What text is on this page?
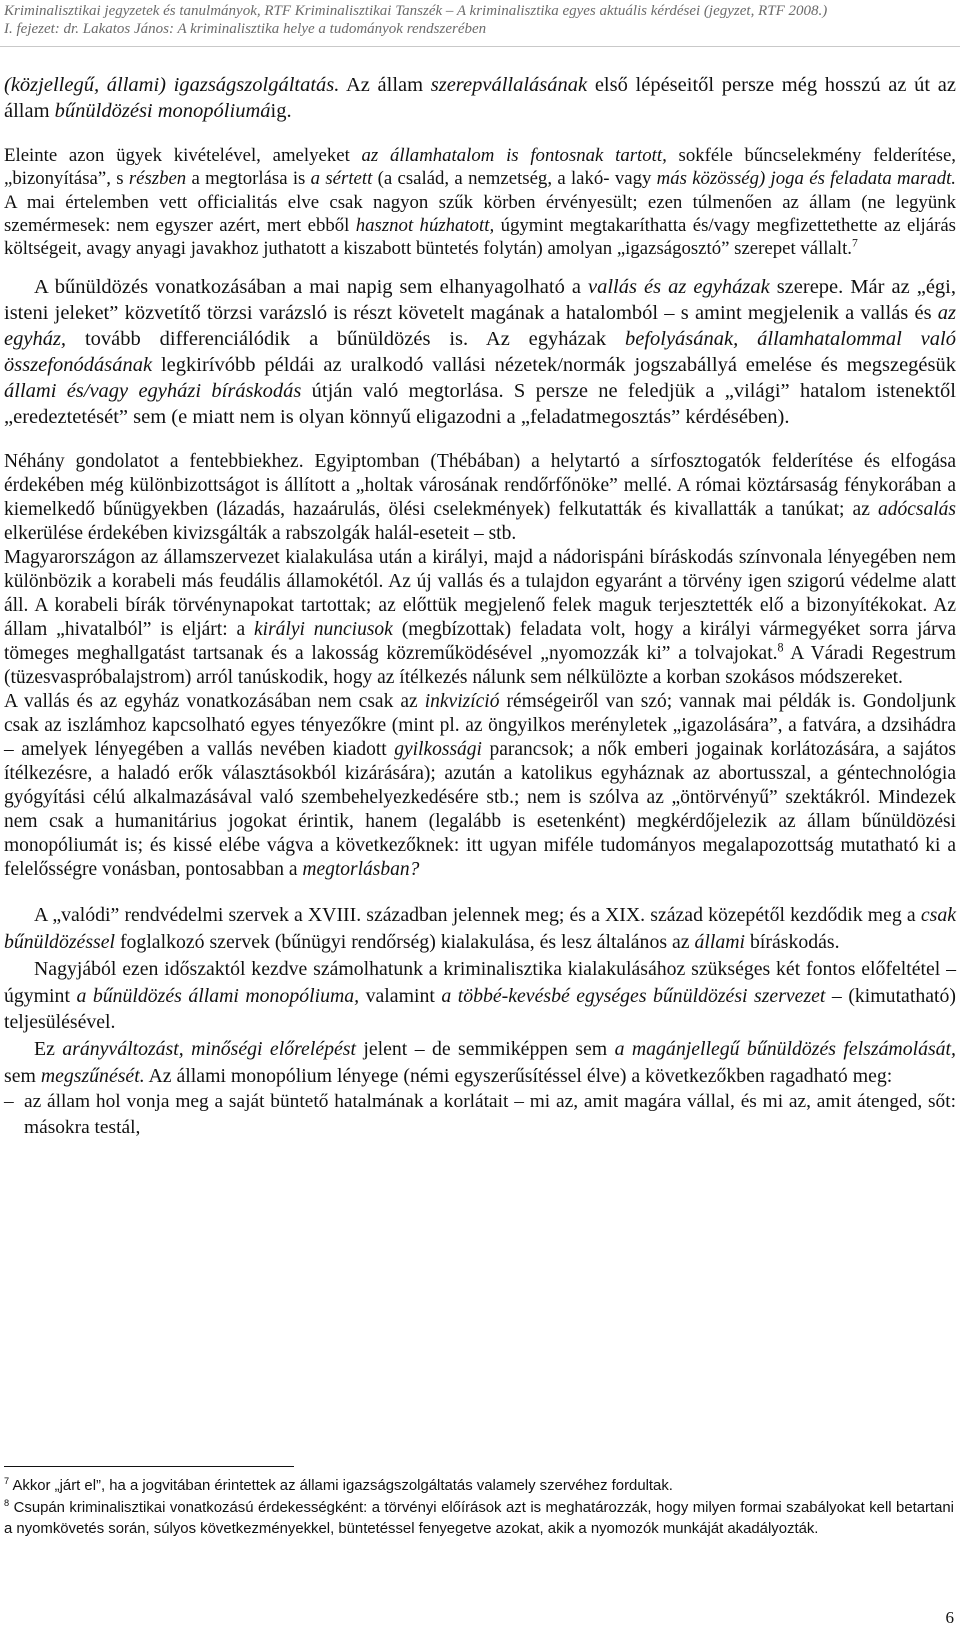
Kriminalisztikai jegyzetek és tanulmányok, RTF Kriminalisztikai Tanszék – A kriminalisztika egyes aktuális kérdései (jegyzet, RTF 2008.)
I. fejezet: dr. Lakatos János: A kriminalisztika helye a tudományok rendszerében

(közjellegű, állami) igazságszolgáltatás. Az állam szerepvállalásának első lépéseitől persze még hosszú az út az állam bűnüldözési monopóliumáig.

Eleinte azon ügyek kivételével, amelyeket az államhatalom is fontosnak tartott, sokféle bűncselekmény felderítése, „bizonyítása”, s részben a megtorlása is a sértett (a család, a nemzetség, a lakó- vagy más közösség) joga és feladata maradt. A mai értelemben vett officialitás elve csak nagyon szűk körben érvényesült; ezen túlmenően az állam (ne legyünk szemérmesek: nem egyszer azért, mert ebből hasznot húzhatott, úgymint megtakaríthatta és/vagy megfizettethette az eljárás költségeit, avagy anyagi javakhoz juthatott a kiszabott büntetés folytán) amolyan „igazságosztó” szerepet vállalt.$^7$

A bűnüldözés vonatkozásában a mai napig sem elhanyagolható a vallás és az egyházak szerepe. Már az „égi, isteni jeleket” közvetítő törzsi varázsló is részt követelt magának a hatalomból – s amint megjelenik a vallás és az egyház, tovább differenciálódik a bűnüldözés is. Az egyházak befolyásának, államhatalommal való összefonódásának legkirívóbb példái az uralkodó vallási nézetek/normák jogszabállyá emelése és megszegésük állami és/vagy egyházi bíráskodás útján való megtorlása. S persze ne feledjük a „világi” hatalom istenektől „eredeztetését” sem (e miatt nem is olyan könnyű eligazodni a „feladatmegosztás” kérdésében).

Néhány gondolatot a fentebbiekhez. Egyiptomban (Thébában) a helytartó a sírfosztogatók felderítése és elfogása érdekében még különbizottságot is állított a „holtak városának rendőrfőnöke” mellé. A római köztársaság fénykorában a kiemelkedő bűnügyekben (lázadás, hazaárulás, ölési cselekmények) felkutatták és kivallatták a tanúkat; az adócsalás elkerülése érdekében kivizsgálták a rabszolgák halál-eseteit – stb.

Magyarországon az államszervezet kialakulása után a királyi, majd a nádorispáni bíráskodás színvonala lényegében nem különbözik a korabeli más feudális államokétól. Az új vallás és a tulajdon egyaránt a törvény igen szigorú védelme alatt áll. A korabeli bírák törvénynapokat tartottak; az előttük megjelenő felek maguk terjesztették elő a bizonyítékokat. Az állam „hivatalból” is eljárt: a királyi nunciusok (megbízottak) feladata volt, hogy a királyi vármegyéket sorra járva tömeges meghallgatást tartsanak és a lakosság közreműködésével „nyomozzák ki” a tolvajokat.$^8$ A Váradi Regestrum (tüzesvaspróbalajstrom) arról tanúskodik, hogy az ítélkezés nálunk sem nélkülözte a korban szokásos módszereket.

A vallás és az egyház vonatkozásában nem csak az inkvizíció rémségeiről van szó; vannak mai példák is. Gondoljunk csak az iszlámhoz kapcsolható egyes tényezőkre (mint pl. az öngyilkos merényletek „igazolására”, a fatvára, a dzsihádra – amelyek lényegében a vallás nevében kiadott gyilkossági parancsok; a nők emberi jogainak korlátozására, a sajátos ítélkezésre, a haladó erők választásokból kizárására); azután a katolikus egyháznak az abortusszal, a géntechnológia gyógyítási célú alkalmazásával való szembehelyezkedésére stb.; nem is szólva az „öntörvényű” szektákról. Mindezek nem csak a humanitárius jogokat érintik, hanem (legalább is esetenként) megkérdőjelezik az állam bűnüldözési monopóliumát is; és kissé elébe vágva a következőknek: itt ugyan miféle tudományos megalapozottság mutatható ki a felelősségre vonásban, pontosabban a megtorlásban?

A „valódi” rendvédelmi szervek a XVIII. században jelennek meg; és a XIX. század közepétől kezdődik meg a csak bűnüldözéssel foglalkozó szervek (bűnügyi rendőrség) kialakulása, és lesz általános az állami bíráskodás.

Nagyjából ezen időszaktól kezdve számolhatunk a kriminalisztika kialakulásához szükséges két fontos előfeltétel – úgymint a bűnüldözés állami monopóliuma, valamint a többé-kevésbé egységes bűnüldözési szervezet – (kimutatható) teljesülésével.

Ez arányváltozást, minőségi előrelépést jelent – de semmiképpen sem a magánjellegű bűnüldözés felszámolását, sem megszűnését. Az állami monopólium lényege (némi egyszerűsítéssel élve) a következőkben ragadható meg:

– az állam hol vonja meg a saját büntető hatalmának a korlátait – mi az, amit magára vállal, és mi az, amit átenged, sőt: másokra testál,

$^7$ Akkor „járt el”, ha a jogvitában érintettek az állami igazságszolgáltatás valamely szervéhez fordultak.

$^8$ Csupán kriminalisztikai vonatkozású érdekességként: a törvényi előírások azt is meghatározzák, hogy milyen formai szabályokat kell betartani a nyomkövetés során, súlyos következményekkel, büntetéssel fenyegetve azokat, akik a nyomozók munkáját akadályozták.

6
